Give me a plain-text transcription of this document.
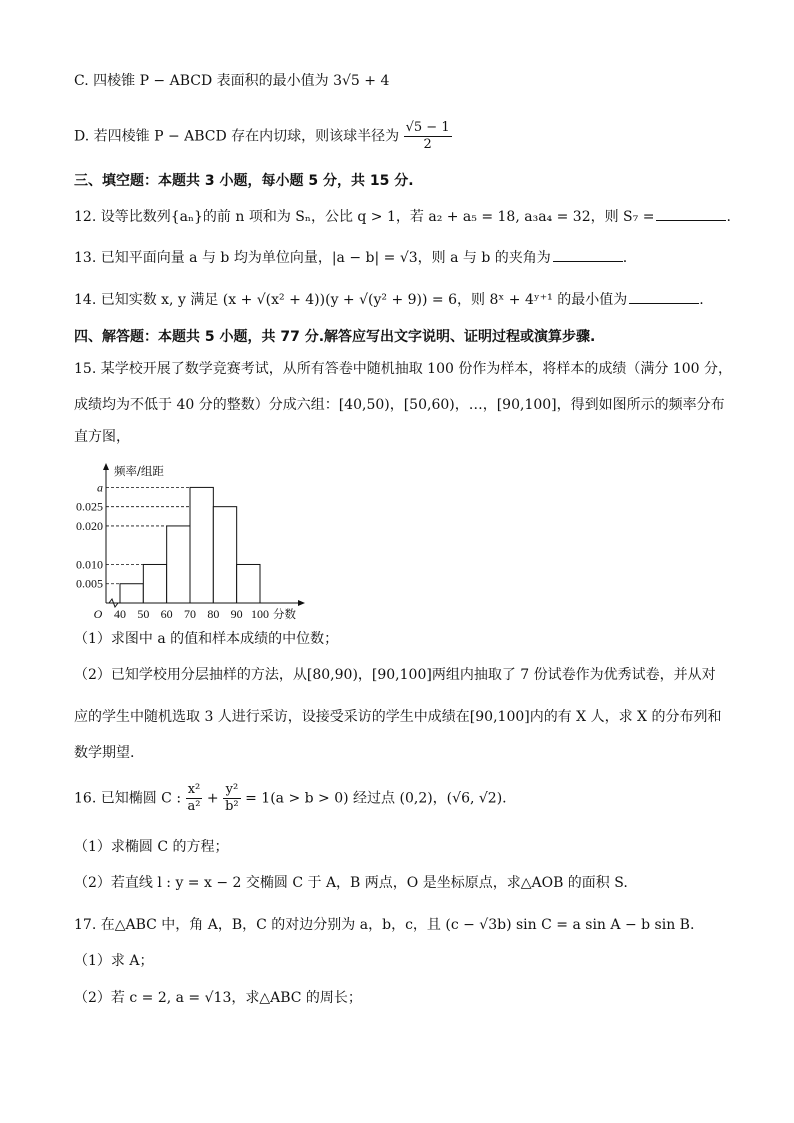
C. 四棱锥 P − ABCD 表面积的最小值为 3√5 + 4
D. 若四棱锥 P − ABCD 存在内切球，则该球半径为 $\frac{√5 - 1}{2}$
三、填空题：本题共 3 小题，每小题 5 分，共 15 分.
12. 设等比数列{aₙ}的前 n 项和为 Sₙ，公比 q > 1，若 a₂ + a₅ = 18, a₃a₄ = 32，则 S₇ =	.
13. 已知平面向量 a 与 b 均为单位向量，|a − b| = √3，则 a 与 b 的夹角为	.
14. 已知实数 x, y 满足 (x + √(x² + 4))(y + √(y² + 9)) = 6，则 8ˣ + 4ʸ⁺¹ 的最小值为	.
四、解答题：本题共 5 小题，共 77 分.解答应写出文字说明、证明过程或演算步骤.
15. 某学校开展了数学竞赛考试，从所有答卷中随机抽取 100 份作为样本，将样本的成绩（满分 100 分，
成绩均为不低于 40 分的整数）分成六组：[40,50)，[50,60)，…，[90,100]，得到如图所示的频率分布
直方图，
0.005
0.010
0.020
0.025
a
40 50 60 70 80 90 100
O
频率/组距
分数
（1）求图中 a 的值和样本成绩的中位数；
（2）已知学校用分层抽样的方法，从[80,90)，[90,100]两组内抽取了 7 份试卷作为优秀试卷，并从对
应的学生中随机选取 3 人进行采访，设接受采访的学生中成绩在[90,100]内的有 X 人，求 X 的分布列和
数学期望.
16. 已知椭圆 C : $\frac{\text{x²}}{\text{a²}} + \frac{\text{y²}}{\text{b²}} = 1(a > b > 0)$ 经过点 (0,2)，(√6, √2).
（1）求椭圆 C 的方程；
（2）若直线 l : y = x − 2 交椭圆 C 于 A，B 两点，O 是坐标原点，求△AOB 的面积 S.
17. 在△ABC 中，角 A，B，C 的对边分别为 a，b，c，且 (c − √3b) sin C = a sin A − b sin B.
（1）求 A；
（2）若 c = 2, a = √13，求△ABC 的周长；
